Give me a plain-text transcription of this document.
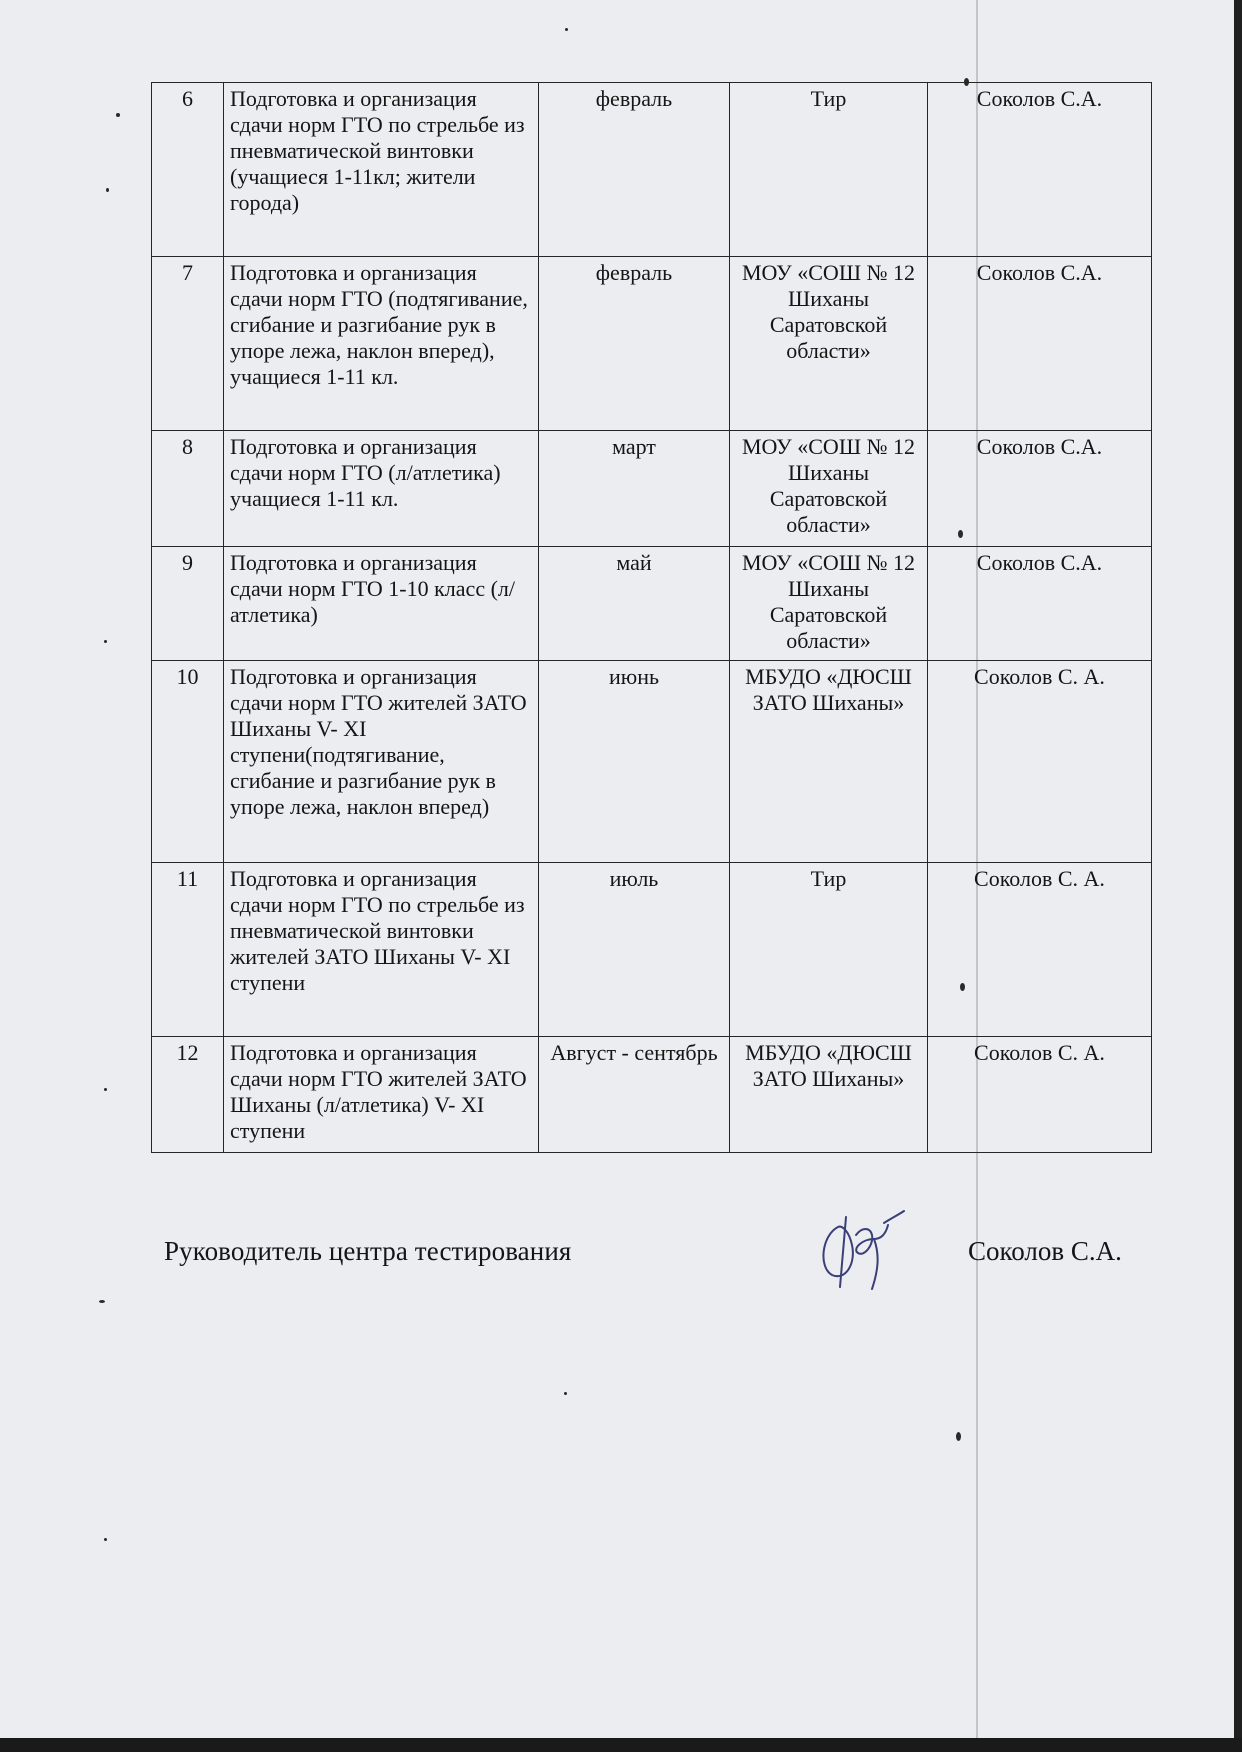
6	Подготовка и организация сдачи норм ГТО по стрельбе из пневматической винтовки (учащиеся 1-11кл; жители города)	февраль	Тир	Соколов С.А.
7	Подготовка и организация сдачи норм ГТО (подтягивание, сгибание и разгибание рук в упоре лежа, наклон вперед), учащиеся 1-11 кл.	февраль	МОУ «СОШ № 12 Шиханы Саратовской области»	Соколов С.А.
8	Подготовка и организация сдачи норм ГТО (л/атлетика) учащиеся 1-11 кл.	март	МОУ «СОШ № 12 Шиханы Саратовской области»	Соколов С.А.
9	Подготовка и организация сдачи норм ГТО 1-10 класс (л/атлетика)	май	МОУ «СОШ № 12 Шиханы Саратовской области»	Соколов С.А.
10	Подготовка и организация сдачи норм ГТО жителей ЗАТО Шиханы V- XI ступени(подтягивание, сгибание и разгибание рук в упоре лежа, наклон вперед)	июнь	МБУДО «ДЮСШ ЗАТО Шиханы»	Соколов С. А.
11	Подготовка и организация сдачи норм ГТО по стрельбе из пневматической винтовки жителей ЗАТО Шиханы V- XI ступени	июль	Тир	Соколов С. А.
12	Подготовка и организация сдачи норм ГТО жителей ЗАТО Шиханы (л/атлетика) V- XI ступени	Август - сентябрь	МБУДО «ДЮСШ ЗАТО Шиханы»	Соколов С. А.
Руководитель центра тестирования	Соколов С.А.
